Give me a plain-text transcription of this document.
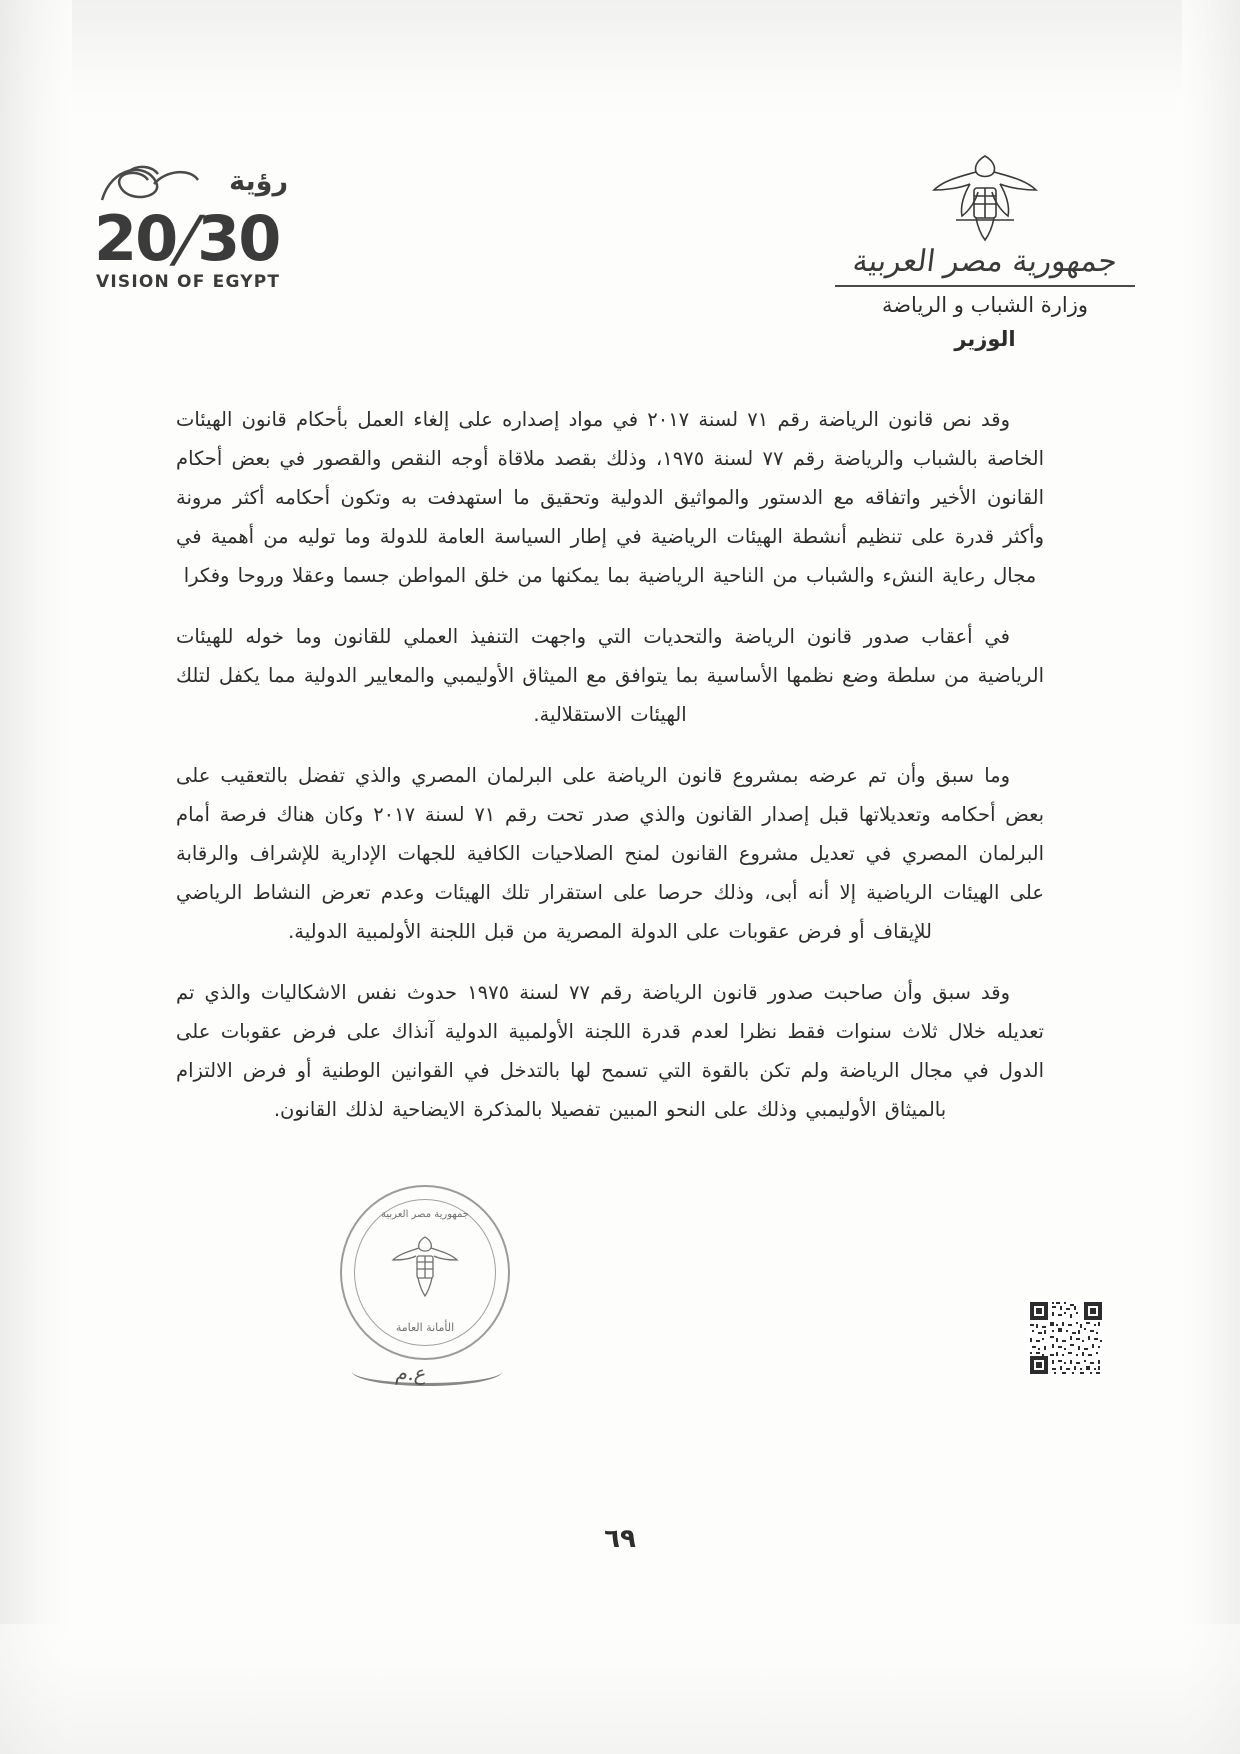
رؤية
20/30
VISION OF EGYPT
جمهورية مصر العربية
وزارة الشباب و الرياضة
الوزير

وقد نص قانون الرياضة رقم ٧١ لسنة ٢٠١٧ في مواد إصداره على إلغاء العمل بأحكام قانون الهيئات الخاصة بالشباب والرياضة رقم ٧٧ لسنة ١٩٧٥، وذلك بقصد ملاقاة أوجه النقص والقصور في بعض أحكام القانون الأخير واتفاقه مع الدستور والمواثيق الدولية وتحقيق ما استهدفت به وتكون أحكامه أكثر مرونة وأكثر قدرة على تنظيم أنشطة الهيئات الرياضية في إطار السياسة العامة للدولة وما توليه من أهمية في مجال رعاية النشء والشباب من الناحية الرياضية بما يمكنها من خلق المواطن جسما وعقلا وروحا وفكرا

في أعقاب صدور قانون الرياضة والتحديات التي واجهت التنفيذ العملي للقانون وما خوله للهيئات الرياضية من سلطة وضع نظمها الأساسية بما يتوافق مع الميثاق الأوليمبي والمعايير الدولية مما يكفل لتلك الهيئات الاستقلالية.

وما سبق وأن تم عرضه بمشروع قانون الرياضة على البرلمان المصري والذي تفضل بالتعقيب على بعض أحكامه وتعديلاتها قبل إصدار القانون والذي صدر تحت رقم ٧١ لسنة ٢٠١٧ وكان هناك فرصة أمام البرلمان المصري في تعديل مشروع القانون لمنح الصلاحيات الكافية للجهات الإدارية للإشراف والرقابة على الهيئات الرياضية إلا أنه أبى، وذلك حرصا على استقرار تلك الهيئات وعدم تعرض النشاط الرياضي للإيقاف أو فرض عقوبات على الدولة المصرية من قبل اللجنة الأولمبية الدولية.

وقد سبق وأن صاحبت صدور قانون الرياضة رقم ٧٧ لسنة ١٩٧٥ حدوث نفس الاشكاليات والذي تم تعديله خلال ثلاث سنوات فقط نظرا لعدم قدرة اللجنة الأولمبية الدولية آنذاك على فرض عقوبات على الدول في مجال الرياضة ولم تكن بالقوة التي تسمح لها بالتدخل في القوانين الوطنية أو فرض الالتزام بالميثاق الأوليمبي وذلك على النحو المبين تفصيلا بالمذكرة الايضاحية لذلك القانون.

جمهورية مصر العربية
الأمانة العامة
ع.م
٦٩
